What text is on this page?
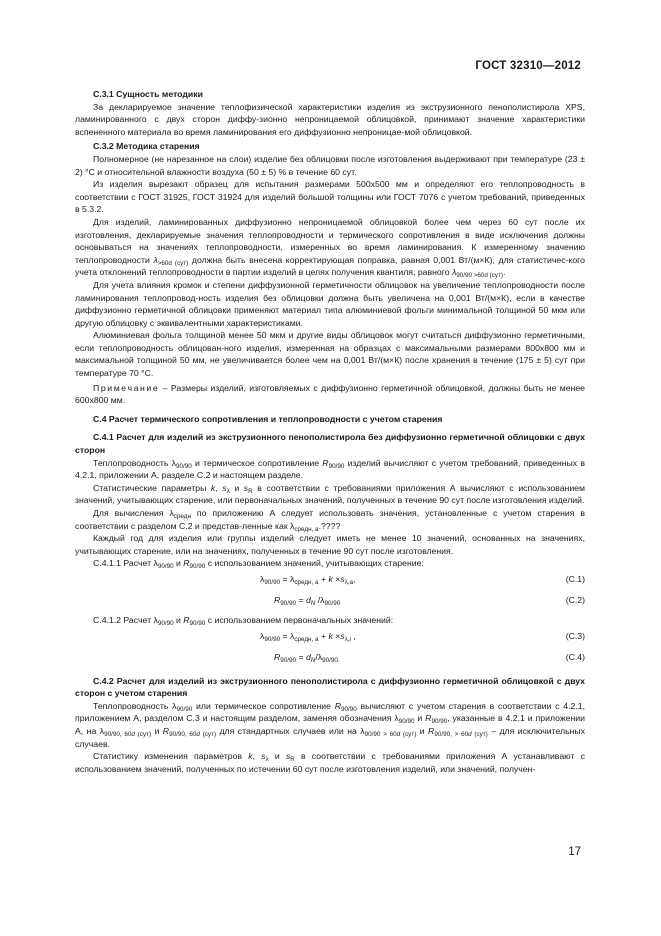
ГОСТ 32310—2012

С.3.1 Сущность методики

За декларируемое значение теплофизической характеристики изделия из экструзионного пенополистирола XPS, ламинированного с двух сторон диффу-зионно непроницаемой облицовкой, принимают значение характеристики вспененного материала во время ламинирования его диффузионно непроницае-мой облицовкой.

С.3.2 Методика старения

Полномерное (не нарезанное на слои) изделие без облицовки после изготовления выдерживают при температуре (23 ± 2) °С и относительной влажности воздуха (50 ± 5) % в течение 60 сут.

Из изделия вырезают образец для испытания размерами 500х500 мм и определяют его теплопроводность в соответствии с ГОСТ 31925, ГОСТ 31924 для изделий большой толщины или ГОСТ 7076 с учетом требований, приведенных в 5.3.2.

Для изделий, ламинированных диффузионно непроницаемой облицовкой более чем через 60 сут после их изготовления, декларируемые значения теплопроводности и термического сопротивления в виде исключения должны основываться на значениях теплопроводности, измеренных во время ламинирования. К измеренному значению теплопроводности $\lambda_{>60d (сут)}$ должна быть внесена корректирующая поправка, равная 0,001 Вт/(м×К), для статистичес-кого учета отклонений теплопроводности в партии изделий в целях получения квантиля, равного $\lambda_{90/90 >60d (сут)}$.

Для учета влияния кромок и степени диффузионной герметичности облицовок на увеличение теплопроводности после ламинирования теплопровод-ность изделия без облицовки должна быть увеличена на 0,001 Вт/(м×К), если в качестве диффузионно герметичной облицовки применяют материал типа алюминиевой фольги минимальной толщиной 50 мкм или другую облицовку с эквивалентными характеристиками.

Алюминиевая фольга толщиной менее 50 мкм и другие виды облицовок могут считаться диффузионно герметичными, если теплопроводность облицован-ного изделия, измеренная на образцах с максимальными размерами 800х800 мм и максимальной толщиной 50 мм, не увеличивается более чем на 0,001 Вт/(м×К) после хранения в течение (175 ± 5) сут при температуре 70 °С.

Примечание – Размеры изделий, изготовляемых с диффузионно герметичной облицовкой, должны быть не менее 600х800 мм.

С.4 Расчет термического сопротивления и теплопроводности с учетом старения

С.4.1 Расчет для изделий из экструзионного пенополистирола без диффузионно герметичной облицовки с двух сторон

Теплопроводность $\lambda_{90/90}$ и термическое сопротивление $R_{90/90}$ изделий вычисляют с учетом требований, приведенных в 4.2.1, приложении А, разделе С.2 и настоящем разделе.

Статистические параметры k, $s_\lambda$ и $s_R$ в соответствии с требованиями приложения А вычисляют с использованием значений, учитывающих старение, или первоначальных значений, полученных в течение 90 сут после изготовления изделий.

Для вычисления $\lambda_{средн}$ по приложению А следует использовать значения, установленные с учетом старения в соответствии с разделом С.2 и представ-ленные как $\lambda_{средн, a}$.????

Каждый год для изделия или группы изделий следует иметь не менее 10 значений, основанных на значениях, учитывающих старение, или на значениях, полученных в течение 90 сут после изготовления.

С.4.1.1 Расчет $\lambda_{90/90}$ и $R_{90/90}$ с использованием значений, учитывающих старение:

$\lambda_{90/90} = \lambda_{средн, a} + k \times s_{\lambda,a}$,	(С.1)
$R_{90/90} = d_N$ $/\lambda_{90/90}$	(С.2)

С.4.1.2 Расчет $\lambda_{90/90}$ и $R_{90/90}$ с использованием первоначальных значений:

$\lambda_{90/90} = \lambda_{средн, a} + k \times s_{\lambda,i}$ ,	(С.3)
$R_{90/90} = d_N/\lambda_{90/90.}$	(С.4)

С.4.2 Расчет для изделий из экструзионного пенополистирола с диффузионно герметичной облицовкой с двух сторон с учетом старения

Теплопроводность $\lambda_{90/90}$ или термическое сопротивление $R_{90/90}$ вычисляют с учетом старения в соответствии с 4.2.1, приложением А, разделом С.3 и настоящим разделом, заменяя обозначения $\lambda_{90/90}$ и $R_{90/90}$, указанные в 4.2.1 и приложении А, на $\lambda_{90/90, 60d (сут)}$ и $R_{90/90, 60d (сут)}$ для стандартных случаев или на $\lambda_{90/90 > 60d (сут)}$ и $R_{90/90, > 60d (сут)}$ – для исключительных случаев.

Статистику изменения параметров k, $s_\lambda$ и $s_R$ в соответствии с требованиями приложения А устанавливают с использованием значений, полученных по истечении 60 сут после изготовления изделий, или значений, получен-

17
